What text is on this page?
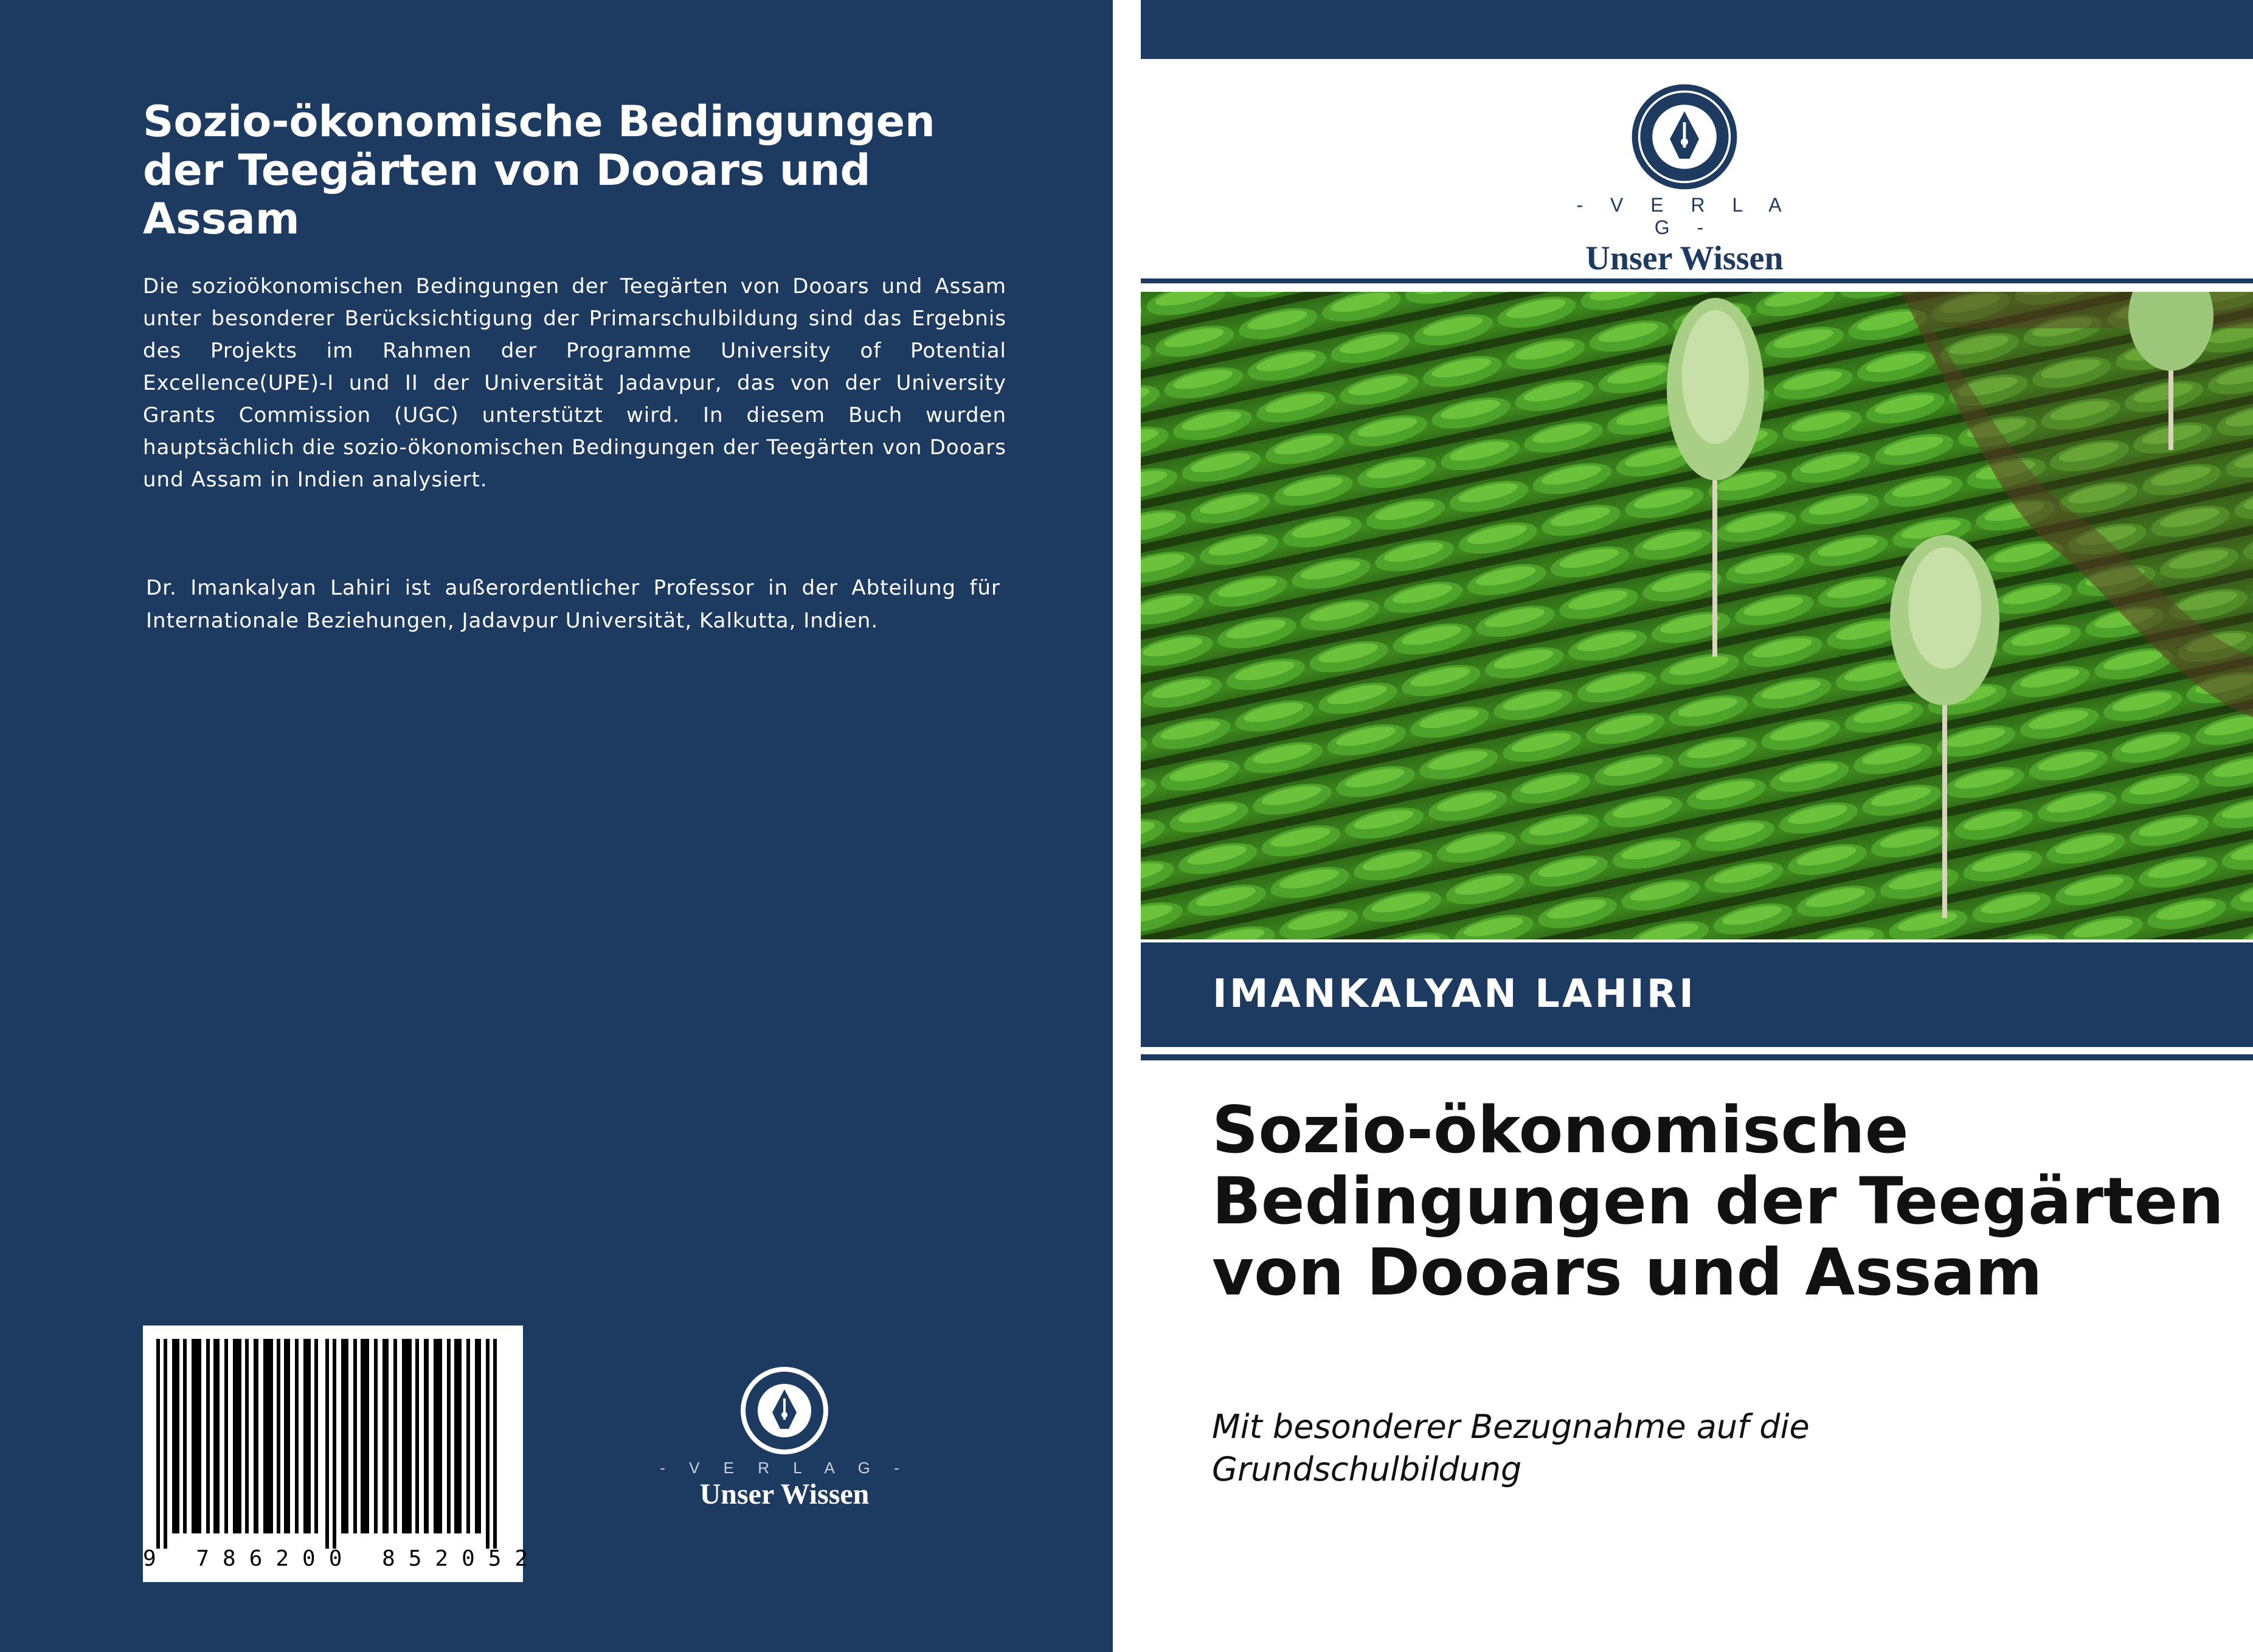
Sozio-ökonomische Bedingungen der Teegärten von Dooars und Assam

Die sozioökonomischen Bedingungen der Teegärten von Dooars und Assam unter besonderer Berücksichtigung der Primarschulbildung sind das Ergebnis des Projekts im Rahmen der Programme University of Potential Excellence(UPE)-I und II der Universität Jadavpur, das von der University Grants Commission (UGC) unterstützt wird. In diesem Buch wurden hauptsächlich die sozio-ökonomischen Bedingungen der Teegärten von Dooars und Assam in Indien analysiert.

Dr. Imankalyan Lahiri ist außerordentlicher Professor in der Abteilung für Internationale Beziehungen, Jadavpur Universität, Kalkutta, Indien.

9 786200 852052
- V E R L A G -
Unser Wissen
- V E R L A G -
Unser Wissen
IMANKALYAN LAHIRI
Sozio-ökonomische Bedingungen der Teegärten von Dooars und Assam

Mit besonderer Bezugnahme auf die Grundschulbildung
